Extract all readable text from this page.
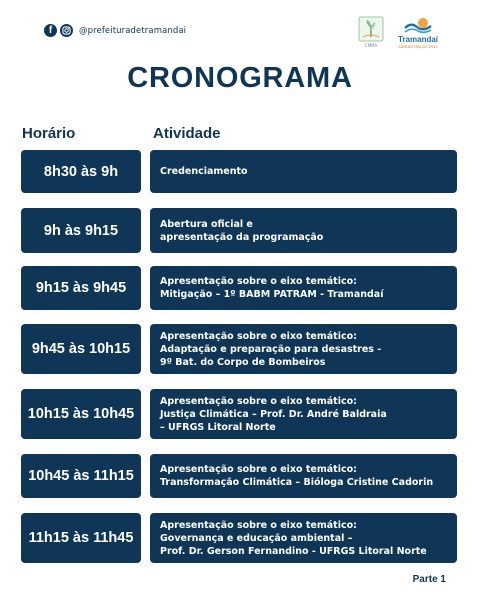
f	@prefeituradetramandai
CMMA
Tramandaí
ADMINISTRAÇÃO 2025
CRONOGRAMA
Horário	Atividade
8h30 às 9h	Credenciamento
9h às 9h15	Abertura oficial e
apresentação da programação
9h15 às 9h45	Apresentação sobre o eixo temático:
Mitigação – 1º BABM PATRAM - Tramandaí
9h45 às 10h15
Apresentação sobre o eixo temático:
Adaptação e preparação para desastres -
9º Bat. do Corpo de Bombeiros
10h15 às 10h45
Apresentação sobre o eixo temático:
Justiça Climática – Prof. Dr. André Baldraia
– UFRGS Litoral Norte
10h45 às 11h15	Apresentação sobre o eixo temático:
Transformação Climática – Bióloga Cristine Cadorin
11h15 às 11h45
Apresentação sobre o eixo temático:
Governança e educação ambiental –
Prof. Dr. Gerson Fernandino - UFRGS Litoral Norte
Parte 1
